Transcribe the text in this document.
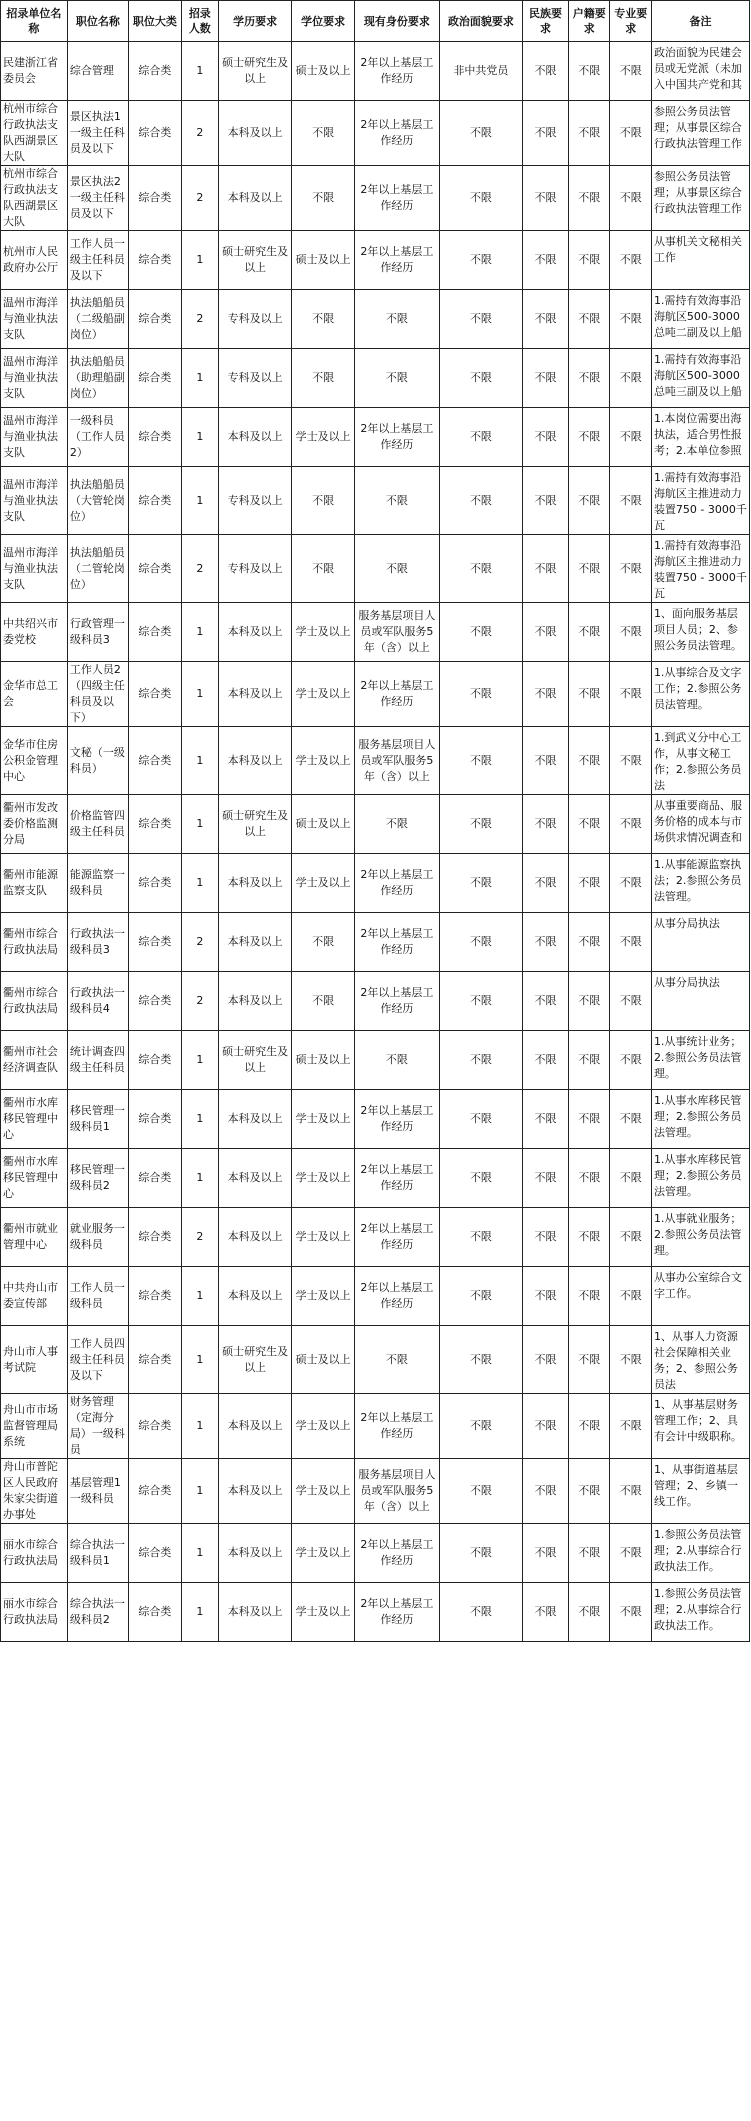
招录单位名称	职位名称	职位大类	招录人数	学历要求	学位要求	现有身份要求	政治面貌要求	民族要求	户籍要求	专业要求	备注
民建浙江省委员会	综合管理	综合类	1	硕士研究生及以上	硕士及以上	2年以上基层工作经历	非中共党员	不限	不限	不限	政治面貌为民建会员或无党派（未加入中国共产党和其

杭州市综合行政执法支队西湖景区大队	景区执法1一级主任科员及以下	综合类	2	本科及以上	不限	2年以上基层工作经历	不限	不限	不限	不限	参照公务员法管理；从事景区综合行政执法管理工作

杭州市综合行政执法支队西湖景区大队	景区执法2一级主任科员及以下	综合类	2	本科及以上	不限	2年以上基层工作经历	不限	不限	不限	不限	参照公务员法管理；从事景区综合行政执法管理工作

杭州市人民政府办公厅	工作人员一级主任科员及以下	综合类	1	硕士研究生及以上	硕士及以上	2年以上基层工作经历	不限	不限	不限	不限	从事机关文秘相关工作

温州市海洋与渔业执法支队	执法船船员（二级船副岗位）	综合类	2	专科及以上	不限	不限	不限	不限	不限	不限	1.需持有效海事沿海航区500-3000总吨二副及以上船

温州市海洋与渔业执法支队	执法船船员（助理船副岗位）	综合类	1	专科及以上	不限	不限	不限	不限	不限	不限	1.需持有效海事沿海航区500-3000总吨三副及以上船

温州市海洋与渔业执法支队	一级科员（工作人员2）	综合类	1	本科及以上	学士及以上	2年以上基层工作经历	不限	不限	不限	不限	1.本岗位需要出海执法，适合男性报考；2.本单位参照

温州市海洋与渔业执法支队	执法船船员（大管轮岗位）	综合类	1	专科及以上	不限	不限	不限	不限	不限	不限	1.需持有效海事沿海航区主推进动力装置750 - 3000千瓦

温州市海洋与渔业执法支队	执法船船员（二管轮岗位）	综合类	2	专科及以上	不限	不限	不限	不限	不限	不限	1.需持有效海事沿海航区主推进动力装置750 - 3000千瓦

中共绍兴市委党校	行政管理一级科员3	综合类	1	本科及以上	学士及以上	服务基层项目人员或军队服务5年（含）以上	不限	不限	不限	不限	1、面向服务基层项目人员；2、参照公务员法管理。

金华市总工会	工作人员2（四级主任科员及以下）	综合类	1	本科及以上	学士及以上	2年以上基层工作经历	不限	不限	不限	不限	1.从事综合及文字工作；2.参照公务员法管理。

金华市住房公积金管理中心	文秘（一级科员）	综合类	1	本科及以上	学士及以上	服务基层项目人员或军队服务5年（含）以上	不限	不限	不限	不限	1.到武义分中心工作，从事文秘工作；2.参照公务员法

衢州市发改委价格监测分局	价格监管四级主任科员	综合类	1	硕士研究生及以上	硕士及以上	不限	不限	不限	不限	不限	从事重要商品、服务价格的成本与市场供求情况调查和

衢州市能源监察支队	能源监察一级科员	综合类	1	本科及以上	学士及以上	2年以上基层工作经历	不限	不限	不限	不限	1.从事能源监察执法；2.参照公务员法管理。

衢州市综合行政执法局	行政执法一级科员3	综合类	2	本科及以上	不限	2年以上基层工作经历	不限	不限	不限	不限	从事分局执法

衢州市综合行政执法局	行政执法一级科员4	综合类	2	本科及以上	不限	2年以上基层工作经历	不限	不限	不限	不限	从事分局执法

衢州市社会经济调查队	统计调查四级主任科员	综合类	1	硕士研究生及以上	硕士及以上	不限	不限	不限	不限	不限	1.从事统计业务；2.参照公务员法管理。

衢州市水库移民管理中心	移民管理一级科员1	综合类	1	本科及以上	学士及以上	2年以上基层工作经历	不限	不限	不限	不限	1.从事水库移民管理；2.参照公务员法管理。

衢州市水库移民管理中心	移民管理一级科员2	综合类	1	本科及以上	学士及以上	2年以上基层工作经历	不限	不限	不限	不限	1.从事水库移民管理；2.参照公务员法管理。

衢州市就业管理中心	就业服务一级科员	综合类	2	本科及以上	学士及以上	2年以上基层工作经历	不限	不限	不限	不限	1.从事就业服务；2.参照公务员法管理。

中共舟山市委宣传部	工作人员一级科员	综合类	1	本科及以上	学士及以上	2年以上基层工作经历	不限	不限	不限	不限	从事办公室综合文字工作。

舟山市人事考试院	工作人员四级主任科员及以下	综合类	1	硕士研究生及以上	硕士及以上	不限	不限	不限	不限	不限	1、从事人力资源社会保障相关业务；2、参照公务员法

舟山市市场监督管理局系统	财务管理（定海分局）一级科员	综合类	1	本科及以上	学士及以上	2年以上基层工作经历	不限	不限	不限	不限	1、从事基层财务管理工作；2、具有会计中级职称。

舟山市普陀区人民政府朱家尖街道办事处	基层管理1一级科员	综合类	1	本科及以上	学士及以上	服务基层项目人员或军队服务5年（含）以上	不限	不限	不限	不限	1、从事街道基层管理；2、乡镇一线工作。

丽水市综合行政执法局	综合执法一级科员1	综合类	1	本科及以上	学士及以上	2年以上基层工作经历	不限	不限	不限	不限	1.参照公务员法管理；2.从事综合行政执法工作。

丽水市综合行政执法局	综合执法一级科员2	综合类	1	本科及以上	学士及以上	2年以上基层工作经历	不限	不限	不限	不限	1.参照公务员法管理；2.从事综合行政执法工作。
